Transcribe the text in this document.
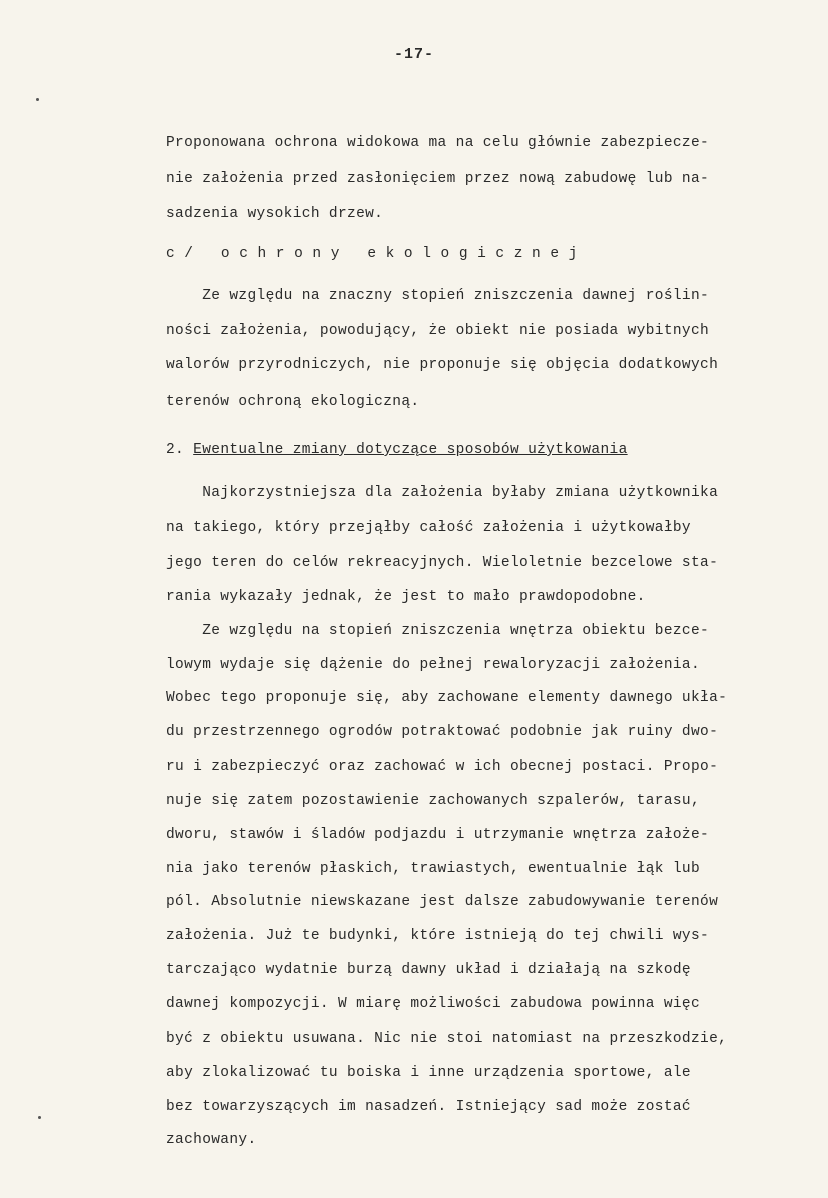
-17-
Proponowana ochrona widokowa ma na celu głównie zabezpiecze-
nie założenia przed zasłonięciem przez nową zabudowę lub na-
sadzenia wysokich drzew.
c/ ochrony ekologicznej
Ze względu na znaczny stopień zniszczenia dawnej roślin-
ności założenia, powodujący, że obiekt nie posiada wybitnych
walorów przyrodniczych, nie proponuje się objęcia dodatkowych
terenów ochroną ekologiczną.
2. Ewentualne zmiany dotyczące sposobów użytkowania
Najkorzystniejsza dla założenia byłaby zmiana użytkownika
na takiego, który przejąłby całość założenia i użytkowałby
jego teren do celów rekreacyjnych. Wieloletnie bezcelowe sta-
rania wykazały jednak, że jest to mało prawdopodobne.
Ze względu na stopień zniszczenia wnętrza obiektu bezce-
lowym wydaje się dążenie do pełnej rewaloryzacji założenia.
Wobec tego proponuje się, aby zachowane elementy dawnego ukła-
du przestrzennego ogrodów potraktować podobnie jak ruiny dwo-
ru i zabezpieczyć oraz zachować w ich obecnej postaci. Propo-
nuje się zatem pozostawienie zachowanych szpalerów, tarasu,
dworu, stawów i śladów podjazdu i utrzymanie wnętrza założe-
nia jako terenów płaskich, trawiastych, ewentualnie łąk lub
pól. Absolutnie niewskazane jest dalsze zabudowywanie terenów
założenia. Już te budynki, które istnieją do tej chwili wys-
tarczająco wydatnie burzą dawny układ i działają na szkodę
dawnej kompozycji. W miarę możliwości zabudowa powinna więc
być z obiektu usuwana. Nic nie stoi natomiast na przeszkodzie,
aby zlokalizować tu boiska i inne urządzenia sportowe, ale
bez towarzyszących im nasadzeń. Istniejący sad może zostać
zachowany.
